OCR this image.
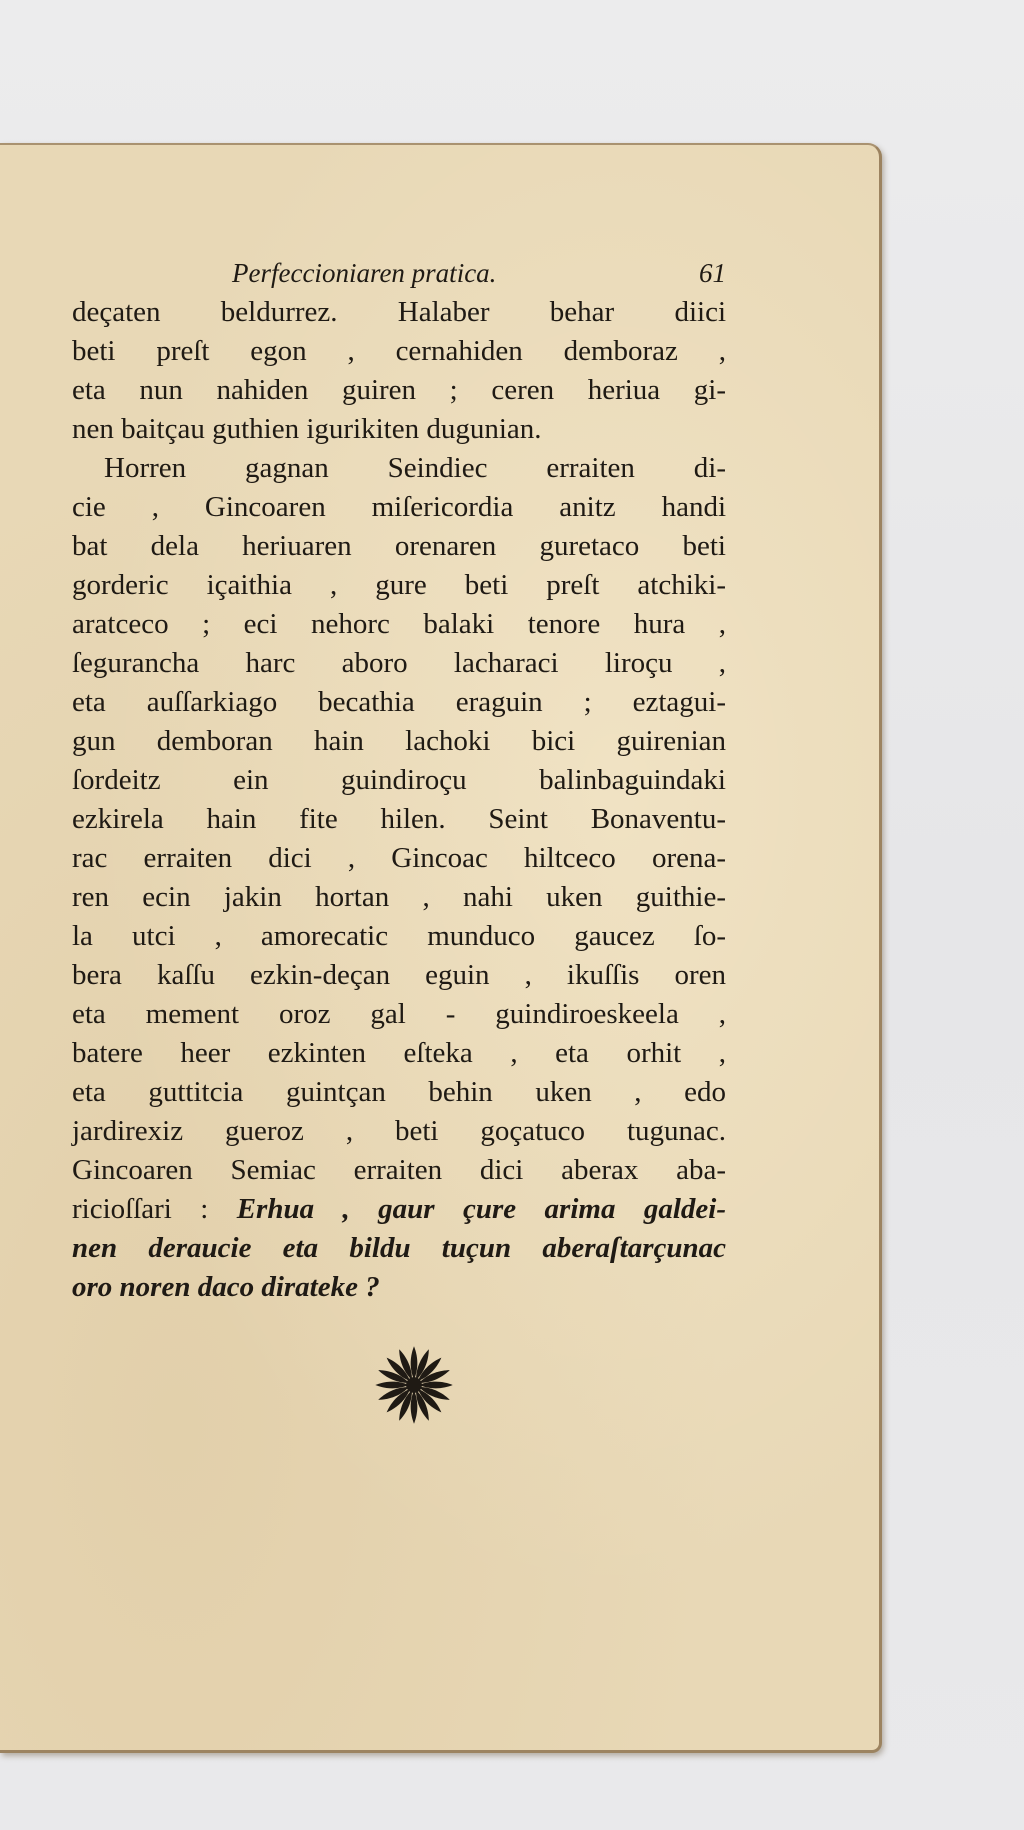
Perfeccioniaren pratica.	61
deçaten beldurrez. Halaber behar diici
beti preſt egon , cernahiden demboraz ,
eta nun nahiden guiren ; ceren heriua gi-
nen baitçau guthien igurikiten dugunian.
Horren gagnan Seindiec erraiten di-
cie , Gincoaren miſericordia anitz handi
bat dela heriuaren orenaren guretaco beti
gorderic içaithia , gure beti preſt atchiki-
aratceco ; eci nehorc balaki tenore hura ,
ſegurancha harc aboro lacharaci liroçu ,
eta auſſarkiago becathia eraguin ; eztagui-
gun demboran hain lachoki bici guirenian
ſordeitz ein guindiroçu balinbaguindaki
ezkirela hain fite hilen. Seint Bonaventu-
rac erraiten dici , Gincoac hiltceco orena-
ren ecin jakin hortan , nahi uken guithie-
la utci , amorecatic munduco gaucez ſo-
bera kaſſu ezkin-deçan eguin , ikuſſis oren
eta mement oroz gal - guindiroeskeela ,
batere heer ezkinten eſteka , eta orhit ,
eta guttitcia guintçan behin uken , edo
jardirexiz gueroz , beti goçatuco tugunac.
Gincoaren Semiac erraiten dici aberax aba-
ricioſſari : Erhua , gaur çure arima galdei-
nen deraucie eta bildu tuçun aberaſtarçunac
oro noren daco dirateke ?
